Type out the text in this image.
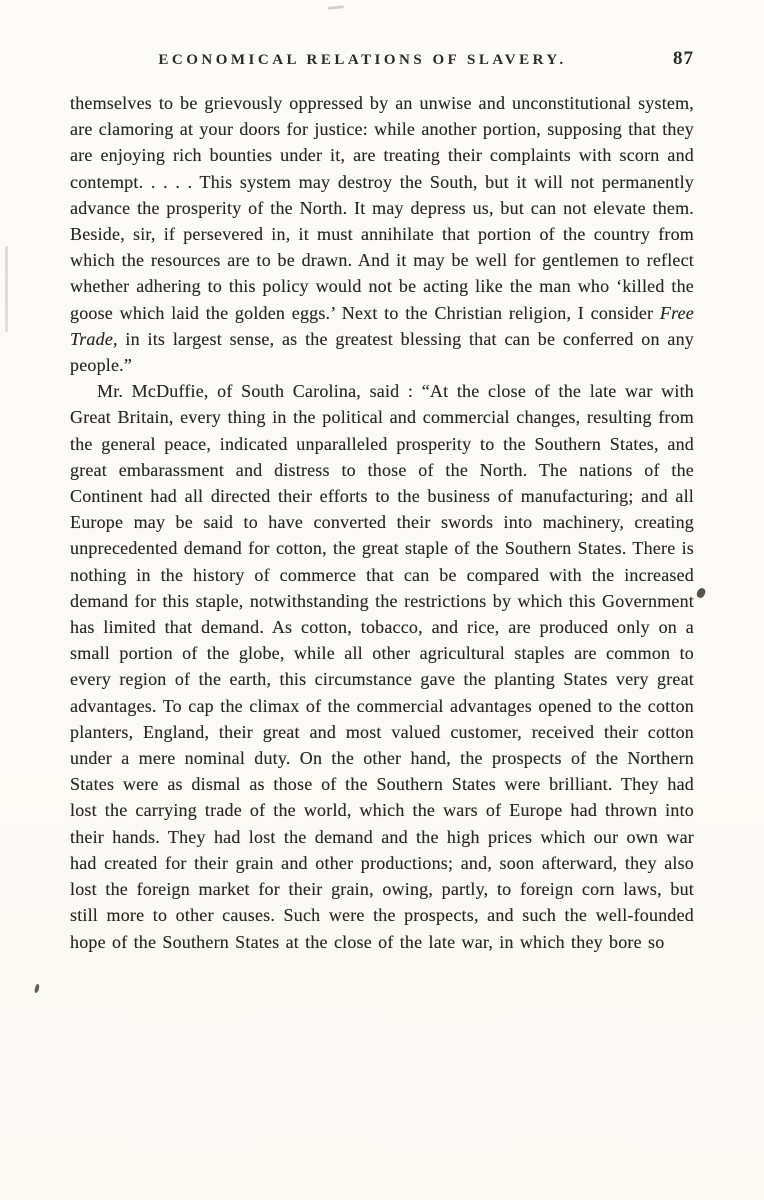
ECONOMICAL RELATIONS OF SLAVERY.	87

themselves to be grievously oppressed by an unwise and unconstitutional system, are clamoring at your doors for justice: while another portion, supposing that they are enjoying rich bounties under it, are treating their complaints with scorn and contempt. . . . . This system may destroy the South, but it will not permanently advance the prosperity of the North. It may depress us, but can not elevate them. Beside, sir, if persevered in, it must annihilate that portion of the country from which the resources are to be drawn. And it may be well for gentlemen to reflect whether adhering to this policy would not be acting like the man who ‘killed the goose which laid the golden eggs.’ Next to the Christian religion, I consider Free Trade, in its largest sense, as the greatest blessing that can be conferred on any people.”

Mr. McDuffie, of South Carolina, said : “At the close of the late war with Great Britain, every thing in the political and commercial changes, resulting from the general peace, indicated unparalleled prosperity to the Southern States, and great embarassment and distress to those of the North. The nations of the Continent had all directed their efforts to the business of manufacturing; and all Europe may be said to have converted their swords into machinery, creating unprecedented demand for cotton, the great staple of the Southern States. There is nothing in the history of commerce that can be compared with the increased demand for this staple, notwithstanding the restrictions by which this Government has limited that demand. As cotton, tobacco, and rice, are produced only on a small portion of the globe, while all other agricultural staples are common to every region of the earth, this circumstance gave the planting States very great advantages. To cap the climax of the commercial advantages opened to the cotton planters, England, their great and most valued customer, received their cotton under a mere nominal duty. On the other hand, the prospects of the Northern States were as dismal as those of the Southern States were brilliant. They had lost the carrying trade of the world, which the wars of Europe had thrown into their hands. They had lost the demand and the high prices which our own war had created for their grain and other productions; and, soon afterward, they also lost the foreign market for their grain, owing, partly, to foreign corn laws, but still more to other causes. Such were the prospects, and such the well-founded hope of the Southern States at the close of the late war, in which they bore so
